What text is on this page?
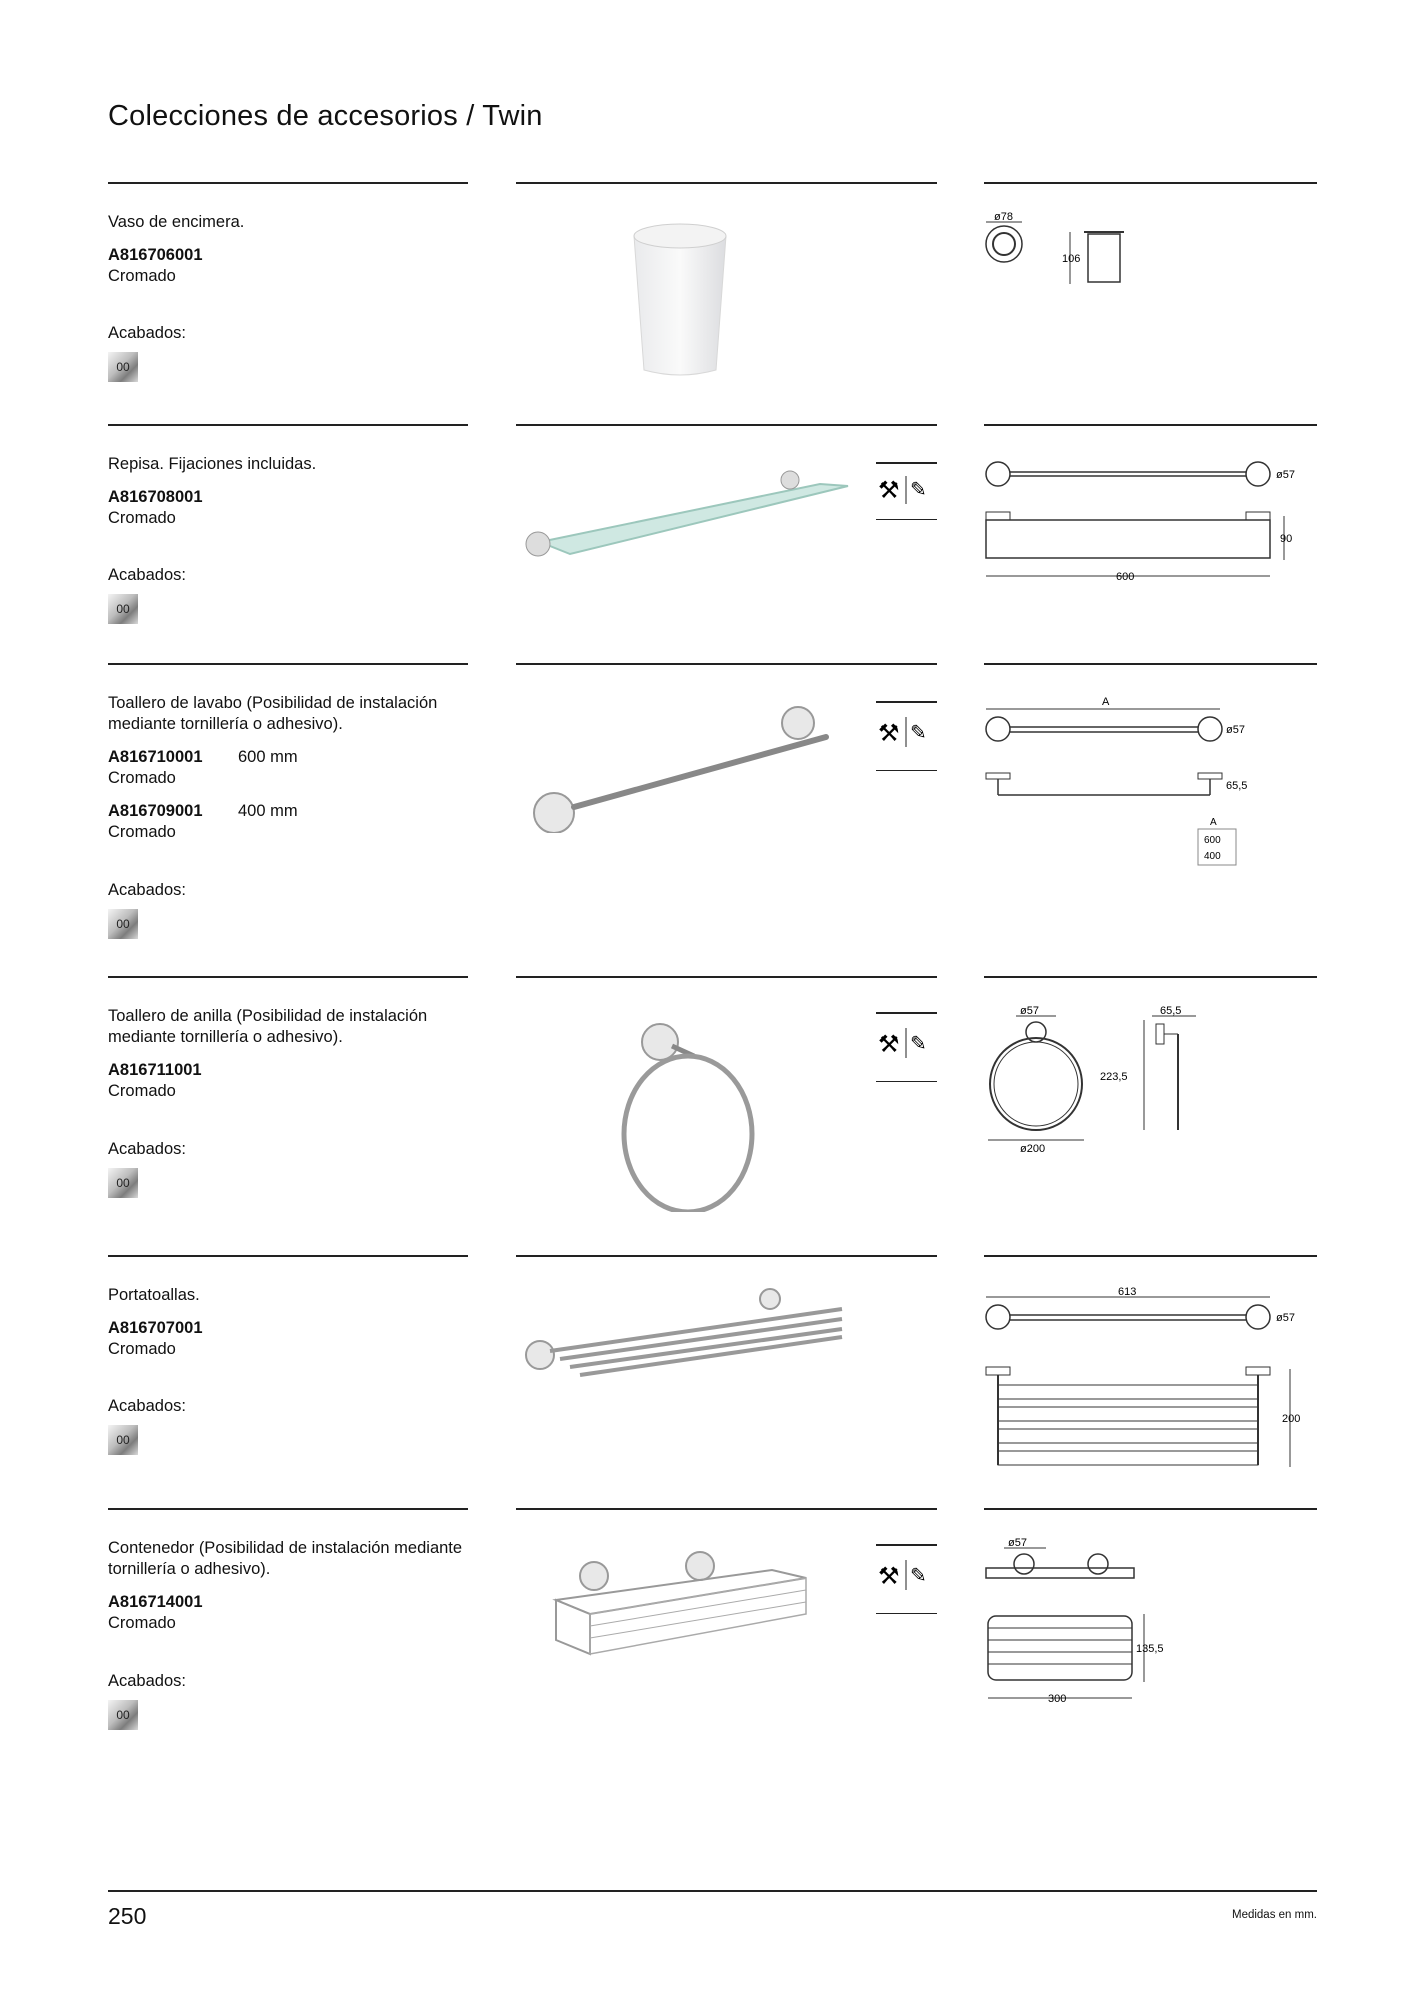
Colecciones de accesorios / Twin

Vaso de encimera.

A816706001
Cromado
Acabados:
00
ø78
106

Repisa. Fijaciones incluidas.

A816708001
Cromado
Acabados:
00
⚒ ✎
ø57
90
600

Toallero de lavabo (Posibilidad de instalación mediante tornillería o adhesivo).

A816710001 600 mm
Cromado
A816709001 400 mm
Cromado
Acabados:
00
⚒ ✎
A
ø57
65,5
A
600
400

Toallero de anilla (Posibilidad de instalación mediante tornillería o adhesivo).

A816711001
Cromado
Acabados:
00
⚒ ✎
ø57
ø200
65,5
223,5

Portatoallas.

A816707001
Cromado
Acabados:
00
613
ø57
200

Contenedor (Posibilidad de instalación mediante tornillería o adhesivo).

A816714001
Cromado
Acabados:
00
⚒ ✎
ø57
135,5
300
250	Medidas en mm.
